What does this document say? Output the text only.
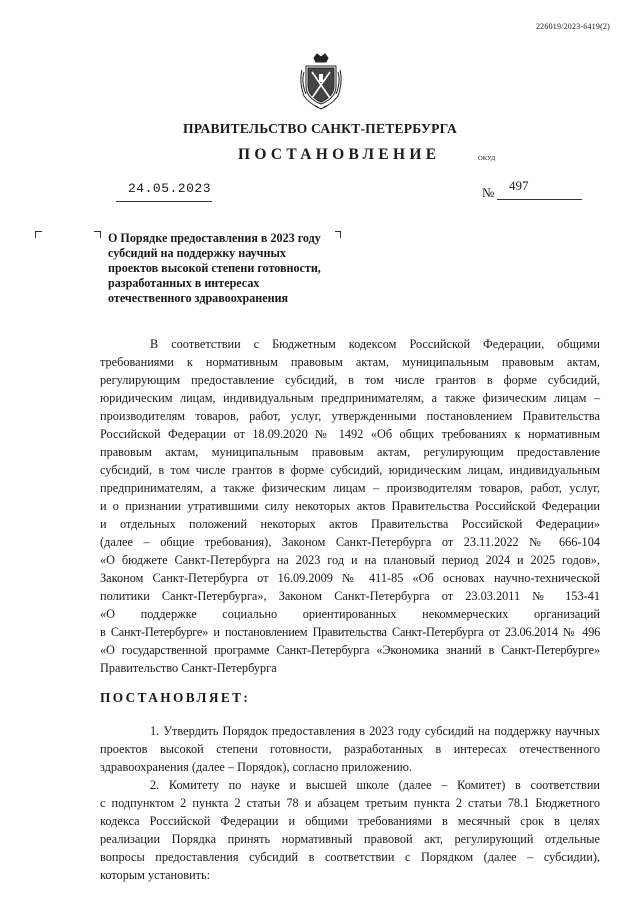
226019/2023-6419(2)
ПРАВИТЕЛЬСТВО САНКТ-ПЕТЕРБУРГА
ПОСТАНОВЛЕНИЕ	ОКУД
24.05.2023	№ 497
О Порядке предоставления в 2023 году
субсидий на поддержку научных
проектов высокой степени готовности,
разработанных в интересах
отечественного здравоохранения
В соответствии с Бюджетным кодексом Российской Федерации, общими
требованиями к нормативным правовым актам, муниципальным правовым актам,
регулирующим предоставление субсидий, в том числе грантов в форме субсидий,
юридическим лицам, индивидуальным предпринимателям, а также физическим лицам –
производителям товаров, работ, услуг, утвержденными постановлением Правительства
Российской Федерации от 18.09.2020 № 1492 «Об общих требованиях к нормативным
правовым актам, муниципальным правовым актам, регулирующим предоставление
субсидий, в том числе грантов в форме субсидий, юридическим лицам, индивидуальным
предпринимателям, а также физическим лицам – производителям товаров, работ, услуг,
и о признании утратившими силу некоторых актов Правительства Российской Федерации
и отдельных положений некоторых актов Правительства Российской Федерации»
(далее – общие требования), Законом Санкт-Петербурга от 23.11.2022 № 666-104
«О бюджете Санкт-Петербурга на 2023 год и на плановый период 2024 и 2025 годов»,
Законом Санкт-Петербурга от 16.09.2009 № 411-85 «Об основах научно-технической
политики Санкт-Петербурга», Законом Санкт-Петербурга от 23.03.2011 № 153-41
«О поддержке социально ориентированных некоммерческих организаций
в Санкт-Петербурге» и постановлением Правительства Санкт-Петербурга от 23.06.2014 № 496
«О государственной программе Санкт-Петербурга «Экономика знаний в Санкт-Петербурге»
Правительство Санкт-Петербурга
ПОСТАНОВЛЯЕТ:
1. Утвердить Порядок предоставления в 2023 году субсидий на поддержку научных
проектов высокой степени готовности, разработанных в интересах отечественного
здравоохранения (далее – Порядок), согласно приложению.
2. Комитету по науке и высшей школе (далее – Комитет) в соответствии
с подпунктом 2 пункта 2 статьи 78 и абзацем третьим пункта 2 статьи 78.1 Бюджетного
кодекса Российской Федерации и общими требованиями в месячный срок в целях
реализации Порядка принять нормативный правовой акт, регулирующий отдельные
вопросы предоставления субсидий в соответствии с Порядком (далее – субсидии),
которым установить:
